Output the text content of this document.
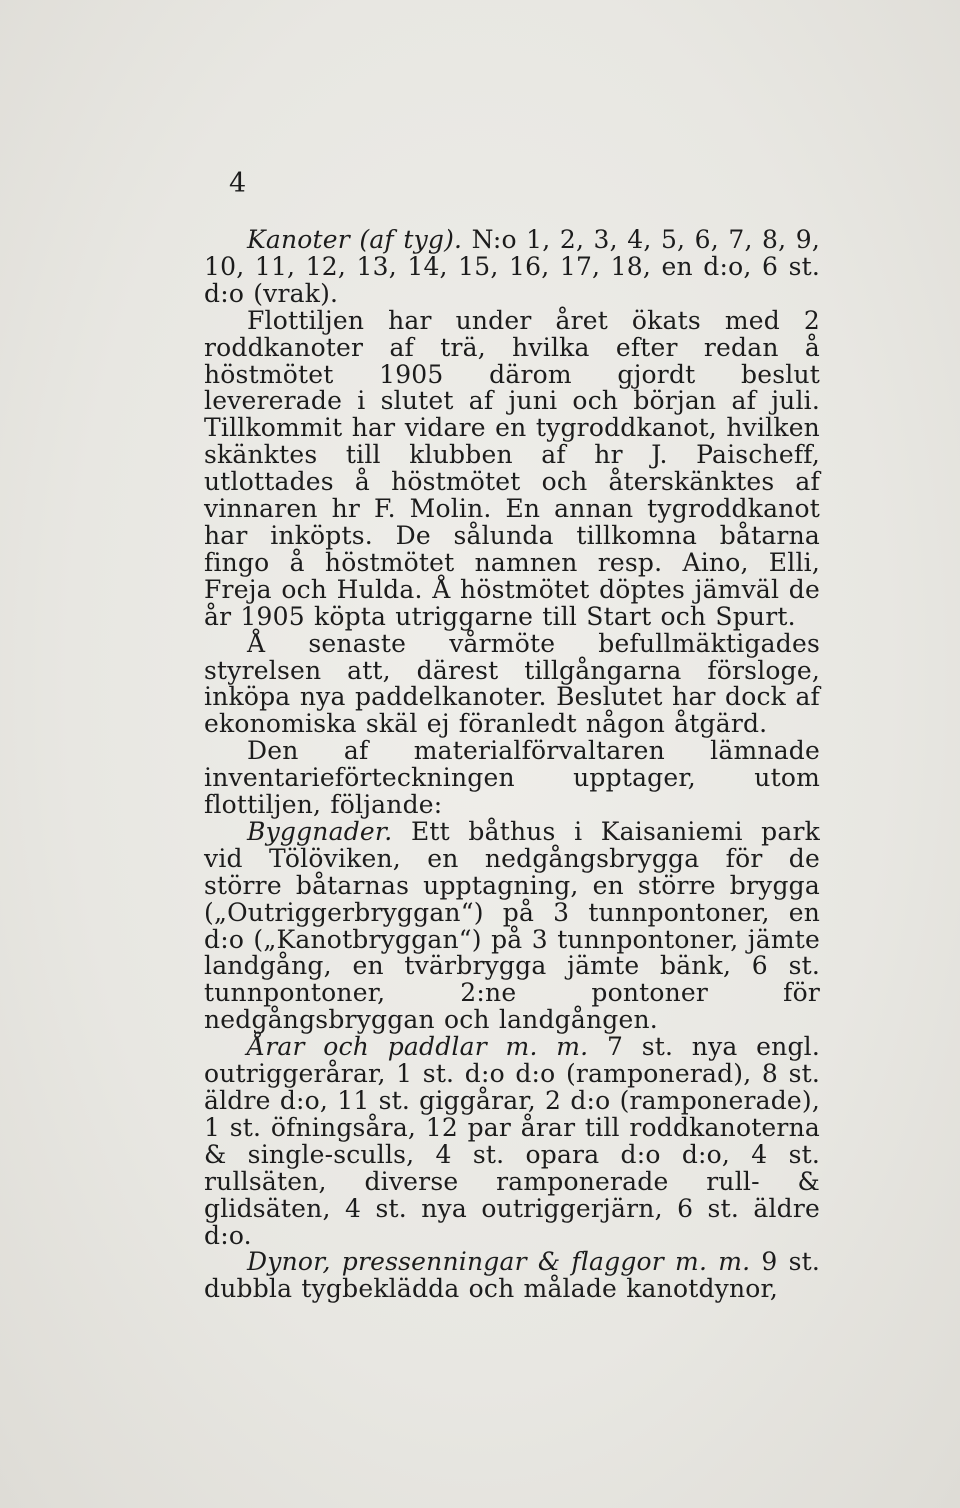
4

Kanoter (af tyg). N:o 1, 2, 3, 4, 5, 6, 7, 8, 9, 10, 11, 12, 13, 14, 15, 16, 17, 18, en d:o, 6 st. d:o (vrak).

Flottiljen har under året ökats med 2 roddkanoter af trä, hvilka efter redan å höstmötet 1905 därom gjordt beslut levererade i slutet af juni och början af juli. Tillkommit har vidare en tygroddkanot, hvilken skänktes till klubben af hr J. Paischeff, utlottades å höstmötet och återskänktes af vinnaren hr F. Molin. En annan tygroddkanot har inköpts. De sålunda tillkomna båtarna fingo å höstmötet namnen resp. Aino, Elli, Freja och Hulda. Å höstmötet döptes jämväl de år 1905 köpta utriggarne till Start och Spurt.

Å senaste vårmöte befullmäktigades styrelsen att, därest tillgångarna försloge, inköpa nya paddelkanoter. Beslutet har dock af ekonomiska skäl ej föranledt någon åtgärd.

Den af materialförvaltaren lämnade inventarieförteckningen upptager, utom flottiljen, följande:

Byggnader. Ett båthus i Kaisaniemi park vid Tölöviken, en nedgångsbrygga för de större båtarnas upptagning, en större brygga („Outriggerbryggan“) på 3 tunnpontoner, en d:o („Kanotbryggan“) på 3 tunnpontoner, jämte landgång, en tvärbrygga jämte bänk, 6 st. tunnpontoner, 2:ne pontoner för nedgångsbryggan och landgången.

Årar och paddlar m. m. 7 st. nya engl. outriggerårar, 1 st. d:o d:o (ramponerad), 8 st. äldre d:o, 11 st. giggårar, 2 d:o (ramponerade), 1 st. öfningsåra, 12 par årar till roddkanoterna & single-sculls, 4 st. opara d:o d:o, 4 st. rullsäten, diverse ramponerade rull- & glidsäten, 4 st. nya outriggerjärn, 6 st. äldre d:o.

Dynor, pressenningar & flaggor m. m. 9 st. dubbla tygbeklädda och målade kanotdynor,
